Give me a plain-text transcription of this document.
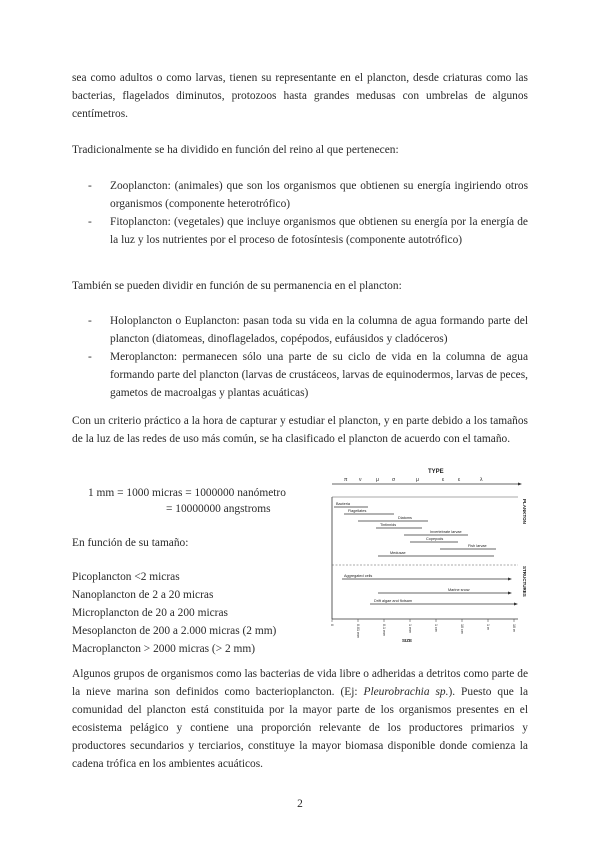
sea como adultos o como larvas, tienen su representante en el plancton, desde criaturas como las bacterias, flagelados diminutos, protozoos hasta grandes medusas con umbrelas de algunos centímetros.

Tradicionalmente se ha dividido en función del reino al que pertenecen:

- Zooplancton: (animales) que son los organismos que obtienen su energía ingiriendo otros organismos (componente heterotrófico)
- Fitoplancton: (vegetales) que incluye organismos que obtienen su energía por la energía de la luz y los nutrientes por el proceso de fotosíntesis (componente autotrófico)

También se pueden dividir en función de su permanencia en el plancton:

- Holoplancton o Euplancton: pasan toda su vida en la columna de agua formando parte del plancton (diatomeas, dinoflagelados, copépodos, eufáusidos y cladóceros)
- Meroplancton: permanecen sólo una parte de su ciclo de vida en la columna de agua formando parte del plancton (larvas de crustáceos, larvas de equinodermos, larvas de peces, gametos de macroalgas y plantas acuáticas)

Con un criterio práctico a la hora de capturar y estudiar el plancton, y en parte debido a los tamaños de la luz de las redes de uso más común, se ha clasificado el plancton de acuerdo con el tamaño.

1 mm = 1000 micras = 1000000 nanómetro
= 10000000 angstroms
En función de su tamaño:
Picoplancton <2 micras
Nanoplancton de 2 a 20 micras
Microplancton de 20 a 200 micras
Mesoplancton de 200 a 2.000 micras (2 mm)
Macroplancton > 2000 micras (> 2 mm)
TYPE
π ν	μ	σ	μ	ε	ε	λ
PLANKTON
STRUCTURES
Bacteria
Flagellates
Diatoms
Tintinnids
Invertebrate larvae
Copepods
Fish larvae
Medusae
Aggregated cells
Marine snow
Drift algae and flotsam
0	0.01 mm	0.1 mm	1 mm	1 cm	10 cm	1 m	10 m
SIZE

Algunos grupos de organismos como las bacterias de vida libre o adheridas a detritos como parte de la nieve marina son definidos como bacterioplancton. (Ej: Pleurobrachia sp.). Puesto que la comunidad del plancton está constituida por la mayor parte de los organismos presentes en el ecosistema pelágico y contiene una proporción relevante de los productores primarios y productores secundarios y terciarios, constituye la mayor biomasa disponible donde comienza la cadena trófica en los ambientes acuáticos.

2
